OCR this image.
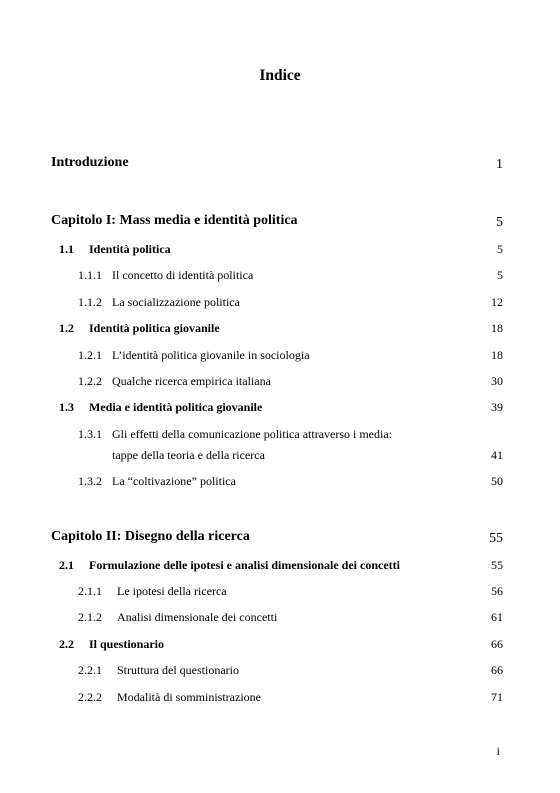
Indice
Introduzione	1
Capitolo I: Mass media e identità politica	5
1.1 Identità politica	5
1.1.1 Il concetto di identità politica	5
1.1.2 La socializzazione politica	12
1.2 Identità politica giovanile	18
1.2.1 L’identità politica giovanile in sociologia	18
1.2.2 Qualche ricerca empirica italiana	30
1.3 Media e identità politica giovanile	39
1.3.1 Gli effetti della comunicazione politica attraverso i media:
tappe della teoria e della ricerca	41
1.3.2 La “coltivazione” politica	50
Capitolo II: Disegno della ricerca	55
2.1 Formulazione delle ipotesi e analisi dimensionale dei concetti	55
2.1.1 Le ipotesi della ricerca	56
2.1.2 Analisi dimensionale dei concetti	61
2.2 Il questionario	66
2.2.1 Struttura del questionario	66
2.2.2 Modalità di somministrazione	71
i
